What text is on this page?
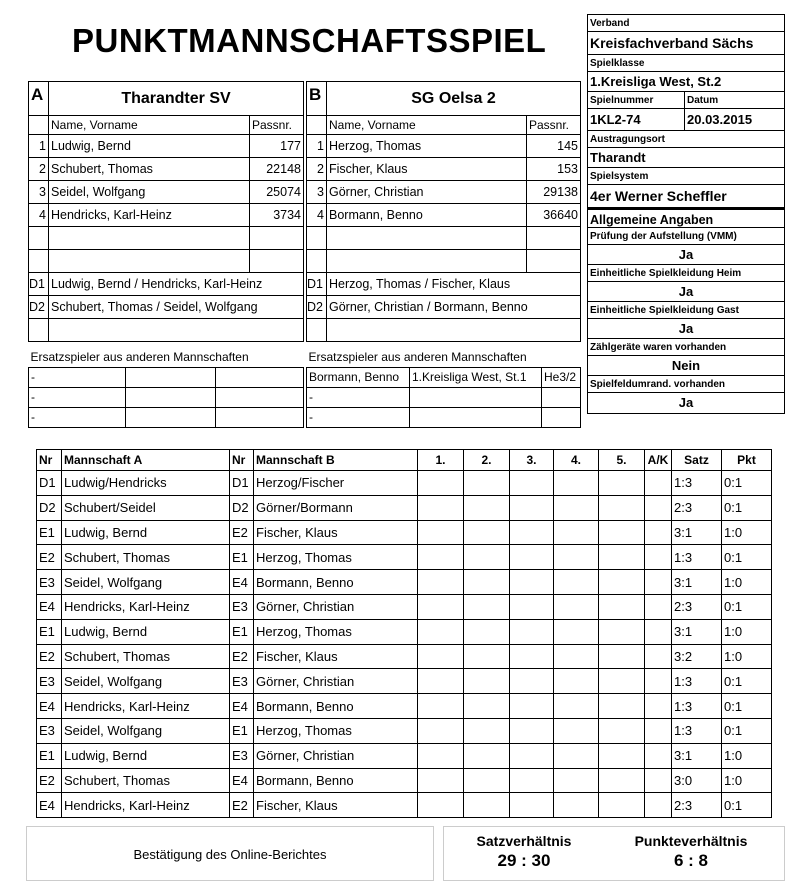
PUNKTMANNSCHAFTSSPIEL	Verband
Kreisfachverband Sächs
Spielklasse
1.Kreisliga West, St.2
Spielnummer	Datum
1KL2-74	20.03.2015
Austragungsort
Tharandt
Spielsystem
4er Werner Scheffler
Allgemeine Angaben
Prüfung der Aufstellung (VMM)
Ja
Einheitliche Spielkleidung Heim
Ja
Einheitliche Spielkleidung Gast
Ja
Zählgeräte waren vorhanden
Nein
Spielfeldumrand. vorhanden
Ja
A	Tharandter SV	
	Name, Vorname	Passnr.
1	Ludwig, Bernd	177
2	Schubert, Thomas	22148
3	Seidel, Wolfgang	25074
4	Hendricks, Karl-Heinz	3734

D1	Ludwig, Bernd / Hendricks, Karl-Heinz	
D2	Schubert, Thomas / Seidel, Wolfgang	

B	SG Oelsa 2	
	Name, Vorname	Passnr.
1	Herzog, Thomas	145
2	Fischer, Klaus	153
3	Görner, Christian	29138
4	Bormann, Benno	36640

D1	Herzog, Thomas / Fischer, Klaus	
D2	Görner, Christian / Bormann, Benno	

Ersatzspieler aus anderen Mannschaften		
-		
-		
-		
Ersatzspieler aus anderen Mannschaften		
Bormann, Benno	1.Kreisliga West, St.1	He3/2
-		
-		
Nr	Mannschaft A	Nr	Mannschaft B	1.	2.	3.	4.	5.	A/K	Satz	Pkt
D1	Ludwig/Hendricks	D1	Herzog/Fischer							1:3	0:1
D2	Schubert/Seidel	D2	Görner/Bormann							2:3	0:1
E1	Ludwig, Bernd	E2	Fischer, Klaus							3:1	1:0
E2	Schubert, Thomas	E1	Herzog, Thomas							1:3	0:1
E3	Seidel, Wolfgang	E4	Bormann, Benno							3:1	1:0
E4	Hendricks, Karl-Heinz	E3	Görner, Christian							2:3	0:1
E1	Ludwig, Bernd	E1	Herzog, Thomas							3:1	1:0
E2	Schubert, Thomas	E2	Fischer, Klaus							3:2	1:0
E3	Seidel, Wolfgang	E3	Görner, Christian							1:3	0:1
E4	Hendricks, Karl-Heinz	E4	Bormann, Benno							1:3	0:1
E3	Seidel, Wolfgang	E1	Herzog, Thomas							1:3	0:1
E1	Ludwig, Bernd	E3	Görner, Christian							3:1	1:0
E2	Schubert, Thomas	E4	Bormann, Benno							3:0	1:0
E4	Hendricks, Karl-Heinz	E2	Fischer, Klaus							2:3	0:1
Bestätigung des Online-Berichtes
Satzverhältnis
29 : 30
Punkteverhältnis
6 : 8
